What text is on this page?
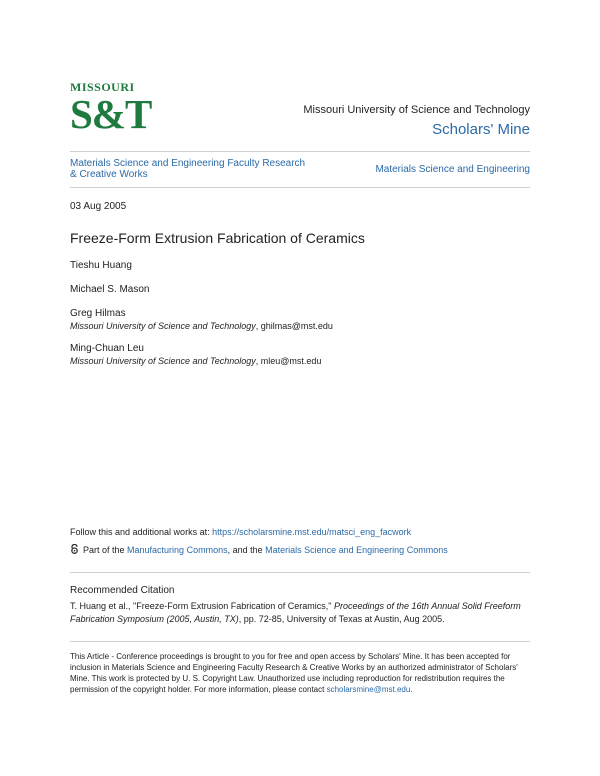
MISSOURI
S&T	Missouri University of Science and Technology
Scholars' Mine
Materials Science and Engineering Faculty Research & Creative Works	Materials Science and Engineering
03 Aug 2005
Freeze-Form Extrusion Fabrication of Ceramics
Tieshu Huang
Michael S. Mason
Greg Hilmas
Missouri University of Science and Technology, ghilmas@mst.edu
Ming-Chuan Leu
Missouri University of Science and Technology, mleu@mst.edu
Follow this and additional works at: https://scholarsmine.mst.edu/matsci_eng_facwork
Part of the Manufacturing Commons, and the Materials Science and Engineering Commons
Recommended Citation
T. Huang et al., "Freeze-Form Extrusion Fabrication of Ceramics," Proceedings of the 16th Annual Solid Freeform Fabrication Symposium (2005, Austin, TX), pp. 72-85, University of Texas at Austin, Aug 2005.
This Article - Conference proceedings is brought to you for free and open access by Scholars' Mine. It has been accepted for inclusion in Materials Science and Engineering Faculty Research & Creative Works by an authorized administrator of Scholars' Mine. This work is protected by U. S. Copyright Law. Unauthorized use including reproduction for redistribution requires the permission of the copyright holder. For more information, please contact scholarsmine@mst.edu.
